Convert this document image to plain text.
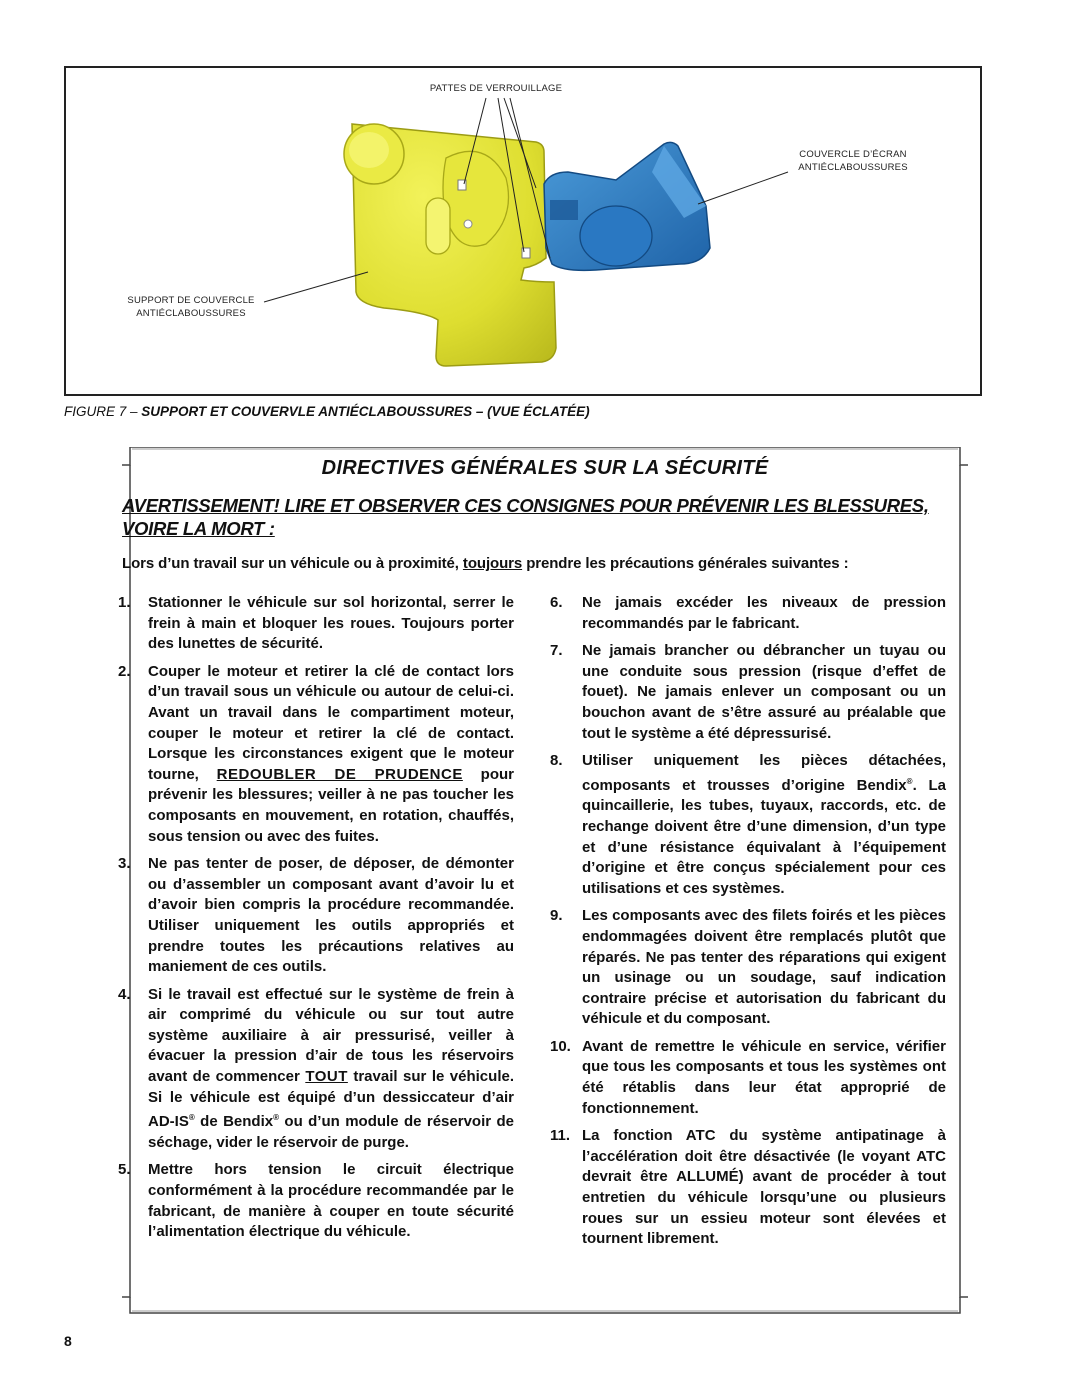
PATTES DE VERROUILLAGE
COUVERCLE D’ÉCRAN
ANTIÉCLABOUSSURES
SUPPORT DE COUVERCLE
ANTIÉCLABOUSSURES
FIGURE 7 – SUPPORT ET COUVERVLE ANTIÉCLABOUSSURES – (VUE ÉCLATÉE)
DIRECTIVES GÉNÉRALES SUR LA SÉCURITÉ
AVERTISSEMENT! LIRE ET OBSERVER CES CONSIGNES POUR PRÉVENIR LES BLESSURES, VOIRE LA MORT :
Lors d’un travail sur un véhicule ou à proximité, toujours prendre les précautions générales suivantes :
1. Stationner le véhicule sur sol horizontal, serrer le frein à main et bloquer les roues. Toujours porter des lunettes de sécurité.
2. Couper le moteur et retirer la clé de contact lors d’un travail sous un véhicule ou autour de celui-ci. Avant un travail dans le compartiment moteur, couper le moteur et retirer la clé de contact. Lorsque les circonstances exigent que le moteur tourne, REDOUBLER DE PRUDENCE pour prévenir les blessures; veiller à ne pas toucher les composants en mouvement, en rotation, chauffés, sous tension ou avec des fuites.
3. Ne pas tenter de poser, de déposer, de démonter ou d’assembler un composant avant d’avoir lu et d’avoir bien compris la procédure recommandée. Utiliser uniquement les outils appropriés et prendre toutes les précautions relatives au maniement de ces outils.
4. Si le travail est effectué sur le système de frein à air comprimé du véhicule ou sur tout autre système auxiliaire à air pressurisé, veiller à évacuer la pression d’air de tous les réservoirs avant de commencer TOUT travail sur le véhicule. Si le véhicule est équipé d’un dessiccateur d’air AD-IS® de Bendix® ou d’un module de réservoir de séchage, vider le réservoir de purge.
5. Mettre hors tension le circuit électrique conformément à la procédure recommandée par le fabricant, de manière à couper en toute sécurité l’alimentation électrique du véhicule.
6. Ne jamais excéder les niveaux de pression recommandés par le fabricant.
7. Ne jamais brancher ou débrancher un tuyau ou une conduite sous pression (risque d’effet de fouet). Ne jamais enlever un composant ou un bouchon avant de s’être assuré au préalable que tout le système a été dépressurisé.
8. Utiliser uniquement les pièces détachées, composants et trousses d’origine Bendix®. La quincaillerie, les tubes, tuyaux, raccords, etc. de rechange doivent être d’une dimension, d’un type et d’une résistance équivalant à l’équipement d’origine et être conçus spécialement pour ces utilisations et ces systèmes.
9. Les composants avec des filets foirés et les pièces endommagées doivent être remplacés plutôt que réparés. Ne pas tenter des réparations qui exigent un usinage ou un soudage, sauf indication contraire précise et autorisation du fabricant du véhicule et du composant.
10. Avant de remettre le véhicule en service, vérifier que tous les composants et tous les systèmes ont été rétablis dans leur état approprié de fonctionnement.
11. La fonction ATC du système antipatinage à l’accélération doit être désactivée (le voyant ATC devrait être ALLUMÉ) avant de procéder à tout entretien du véhicule lorsqu’une ou plusieurs roues sur un essieu moteur sont élevées et tournent librement.
8
